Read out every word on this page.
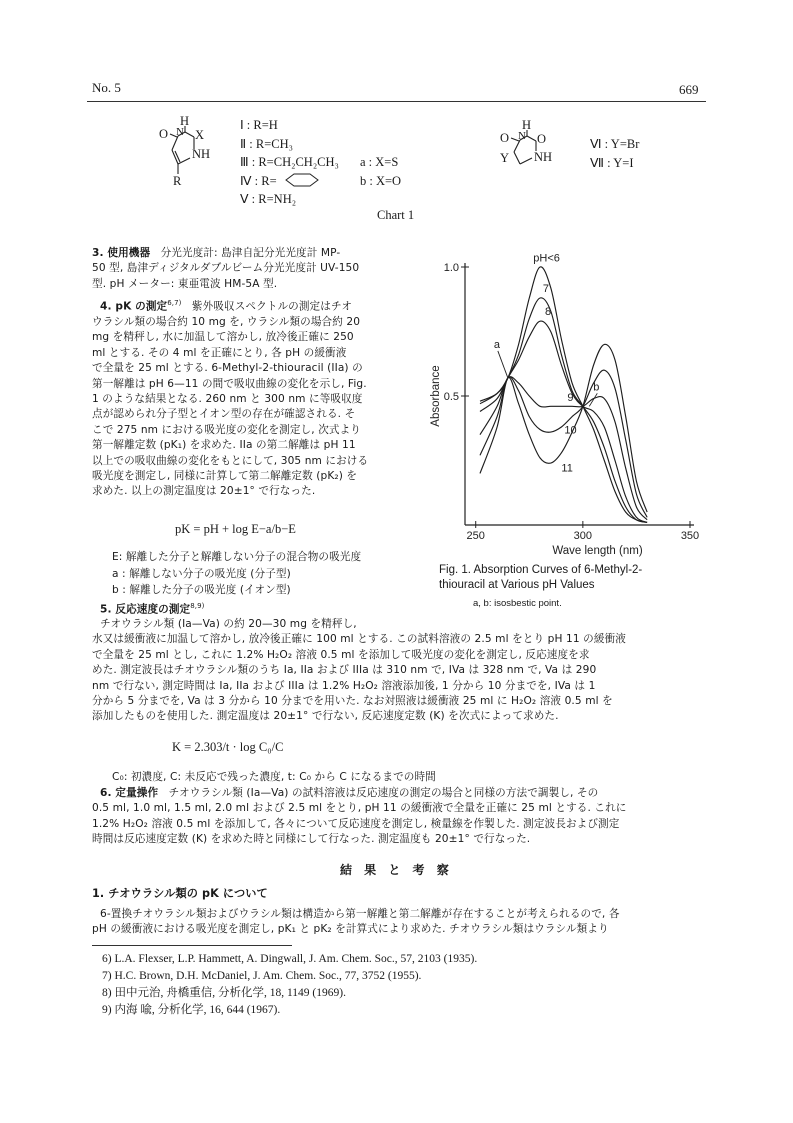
No. 5	669
H
O N X
NH
R
Ⅰ : R=H
Ⅱ : R=CH₃
Ⅲ : R=CH₂CH₂CH₃
Ⅳ : R=
Ⅴ : R=NH₂
a : X=S
b : X=O
H
O N O
NH
Y
Ⅵ : Y=Br
Ⅶ : Y=I
Chart 1

3. 使用機器 分光光度計: 島津自記分光光度計 MP-

50 型, 島津ディジタルダブルビーム分光光度計 UV-150

型. pH メーター: 東亜電波 HM-5A 型.

4. pK の測定$^{6,7)}$ 紫外吸収スペクトルの測定はチオ

ウラシル類の場合約 10 mg を, ウラシル類の場合約 20

mg を精秤し, 水に加温して溶かし, 放冷後正確に 250

ml とする. その 4 ml を正確にとり, 各 pH の緩衝液

で全量を 25 ml とする. 6-Methyl-2-thiouracil (IIa) の

第一解離は pH 6—11 の間で吸収曲線の変化を示し, Fig.

1 のような結果となる. 260 nm と 300 nm に等吸収度

点が認められ分子型とイオン型の存在が確認される. そ

こで 275 nm における吸光度の変化を測定し, 次式より

第一解離定数 (pK₁) を求めた. IIa の第二解離は pH 11

以上での吸収曲線の変化をもとにして, 305 nm における

吸光度を測定し, 同様に計算して第二解離定数 (pK₂) を

求めた. 以上の測定温度は 20±1° で行なった.

pK = pH + log E−a/b−E

E: 解離した分子と解離しない分子の混合物の吸光度

a : 解離しない分子の吸光度 (分子型)

b : 解離した分子の吸光度 (イオン型)

5. 反応速度の測定$^{8,9)}$
0.5
1.0
250	300	350
Wave length (nm)
Absorbance
pH<6
7
8
9
10
11
a
b
Fig. 1. Absorption Curves of 6-Methyl-2-
thiouracil at Various pH Values
a, b: isosbestic point.

チオウラシル類 (Ia—Va) の約 20—30 mg を精秤し,

水又は緩衝液に加温して溶かし, 放冷後正確に 100 ml とする. この試料溶液の 2.5 ml をとり pH 11 の緩衝液

で全量を 25 ml とし, これに 1.2% H₂O₂ 溶液 0.5 ml を添加して吸光度の変化を測定し, 反応速度を求

めた. 測定波長はチオウラシル類のうち Ia, IIa および IIIa は 310 nm で, IVa は 328 nm で, Va は 290

nm で行ない, 測定時間は Ia, IIa および IIIa は 1.2% H₂O₂ 溶液添加後, 1 分から 10 分までを, IVa は 1

分から 5 分までを, Va は 3 分から 10 分までを用いた. なお対照液は緩衝液 25 ml に H₂O₂ 溶液 0.5 ml を

添加したものを使用した. 測定温度は 20±1° で行ない, 反応速度定数 (K) を次式によって求めた.

K = 2.303/t · log C₀/C
C₀: 初濃度, C: 未反応で残った濃度, t: C₀ から C になるまでの時間

6. 定量操作 チオウラシル類 (Ia—Va) の試料溶液は反応速度の測定の場合と同様の方法で調製し, その

0.5 ml, 1.0 ml, 1.5 ml, 2.0 ml および 2.5 ml をとり, pH 11 の緩衝液で全量を正確に 25 ml とする. これに

1.2% H₂O₂ 溶液 0.5 ml を添加して, 各々について反応速度を測定し, 検量線を作製した. 測定波長および測定

時間は反応速度定数 (K) を求めた時と同様にして行なった. 測定温度も 20±1° で行なった.

結 果 と 考 察
1. チオウラシル類の pK について

6-置換チオウラシル類およびウラシル類は構造から第一解離と第二解離が存在することが考えられるので, 各

pH の緩衝液における吸光度を測定し, pK₁ と pK₂ を計算式により求めた. チオウラシル類はウラシル類より

6) L.A. Flexser, L.P. Hammett, A. Dingwall, J. Am. Chem. Soc., 57, 2103 (1935).
7) H.C. Brown, D.H. McDaniel, J. Am. Chem. Soc., 77, 3752 (1955).
8) 田中元治, 舟橋重信, 分析化学, 18, 1149 (1969).
9) 内海 喩, 分析化学, 16, 644 (1967).
